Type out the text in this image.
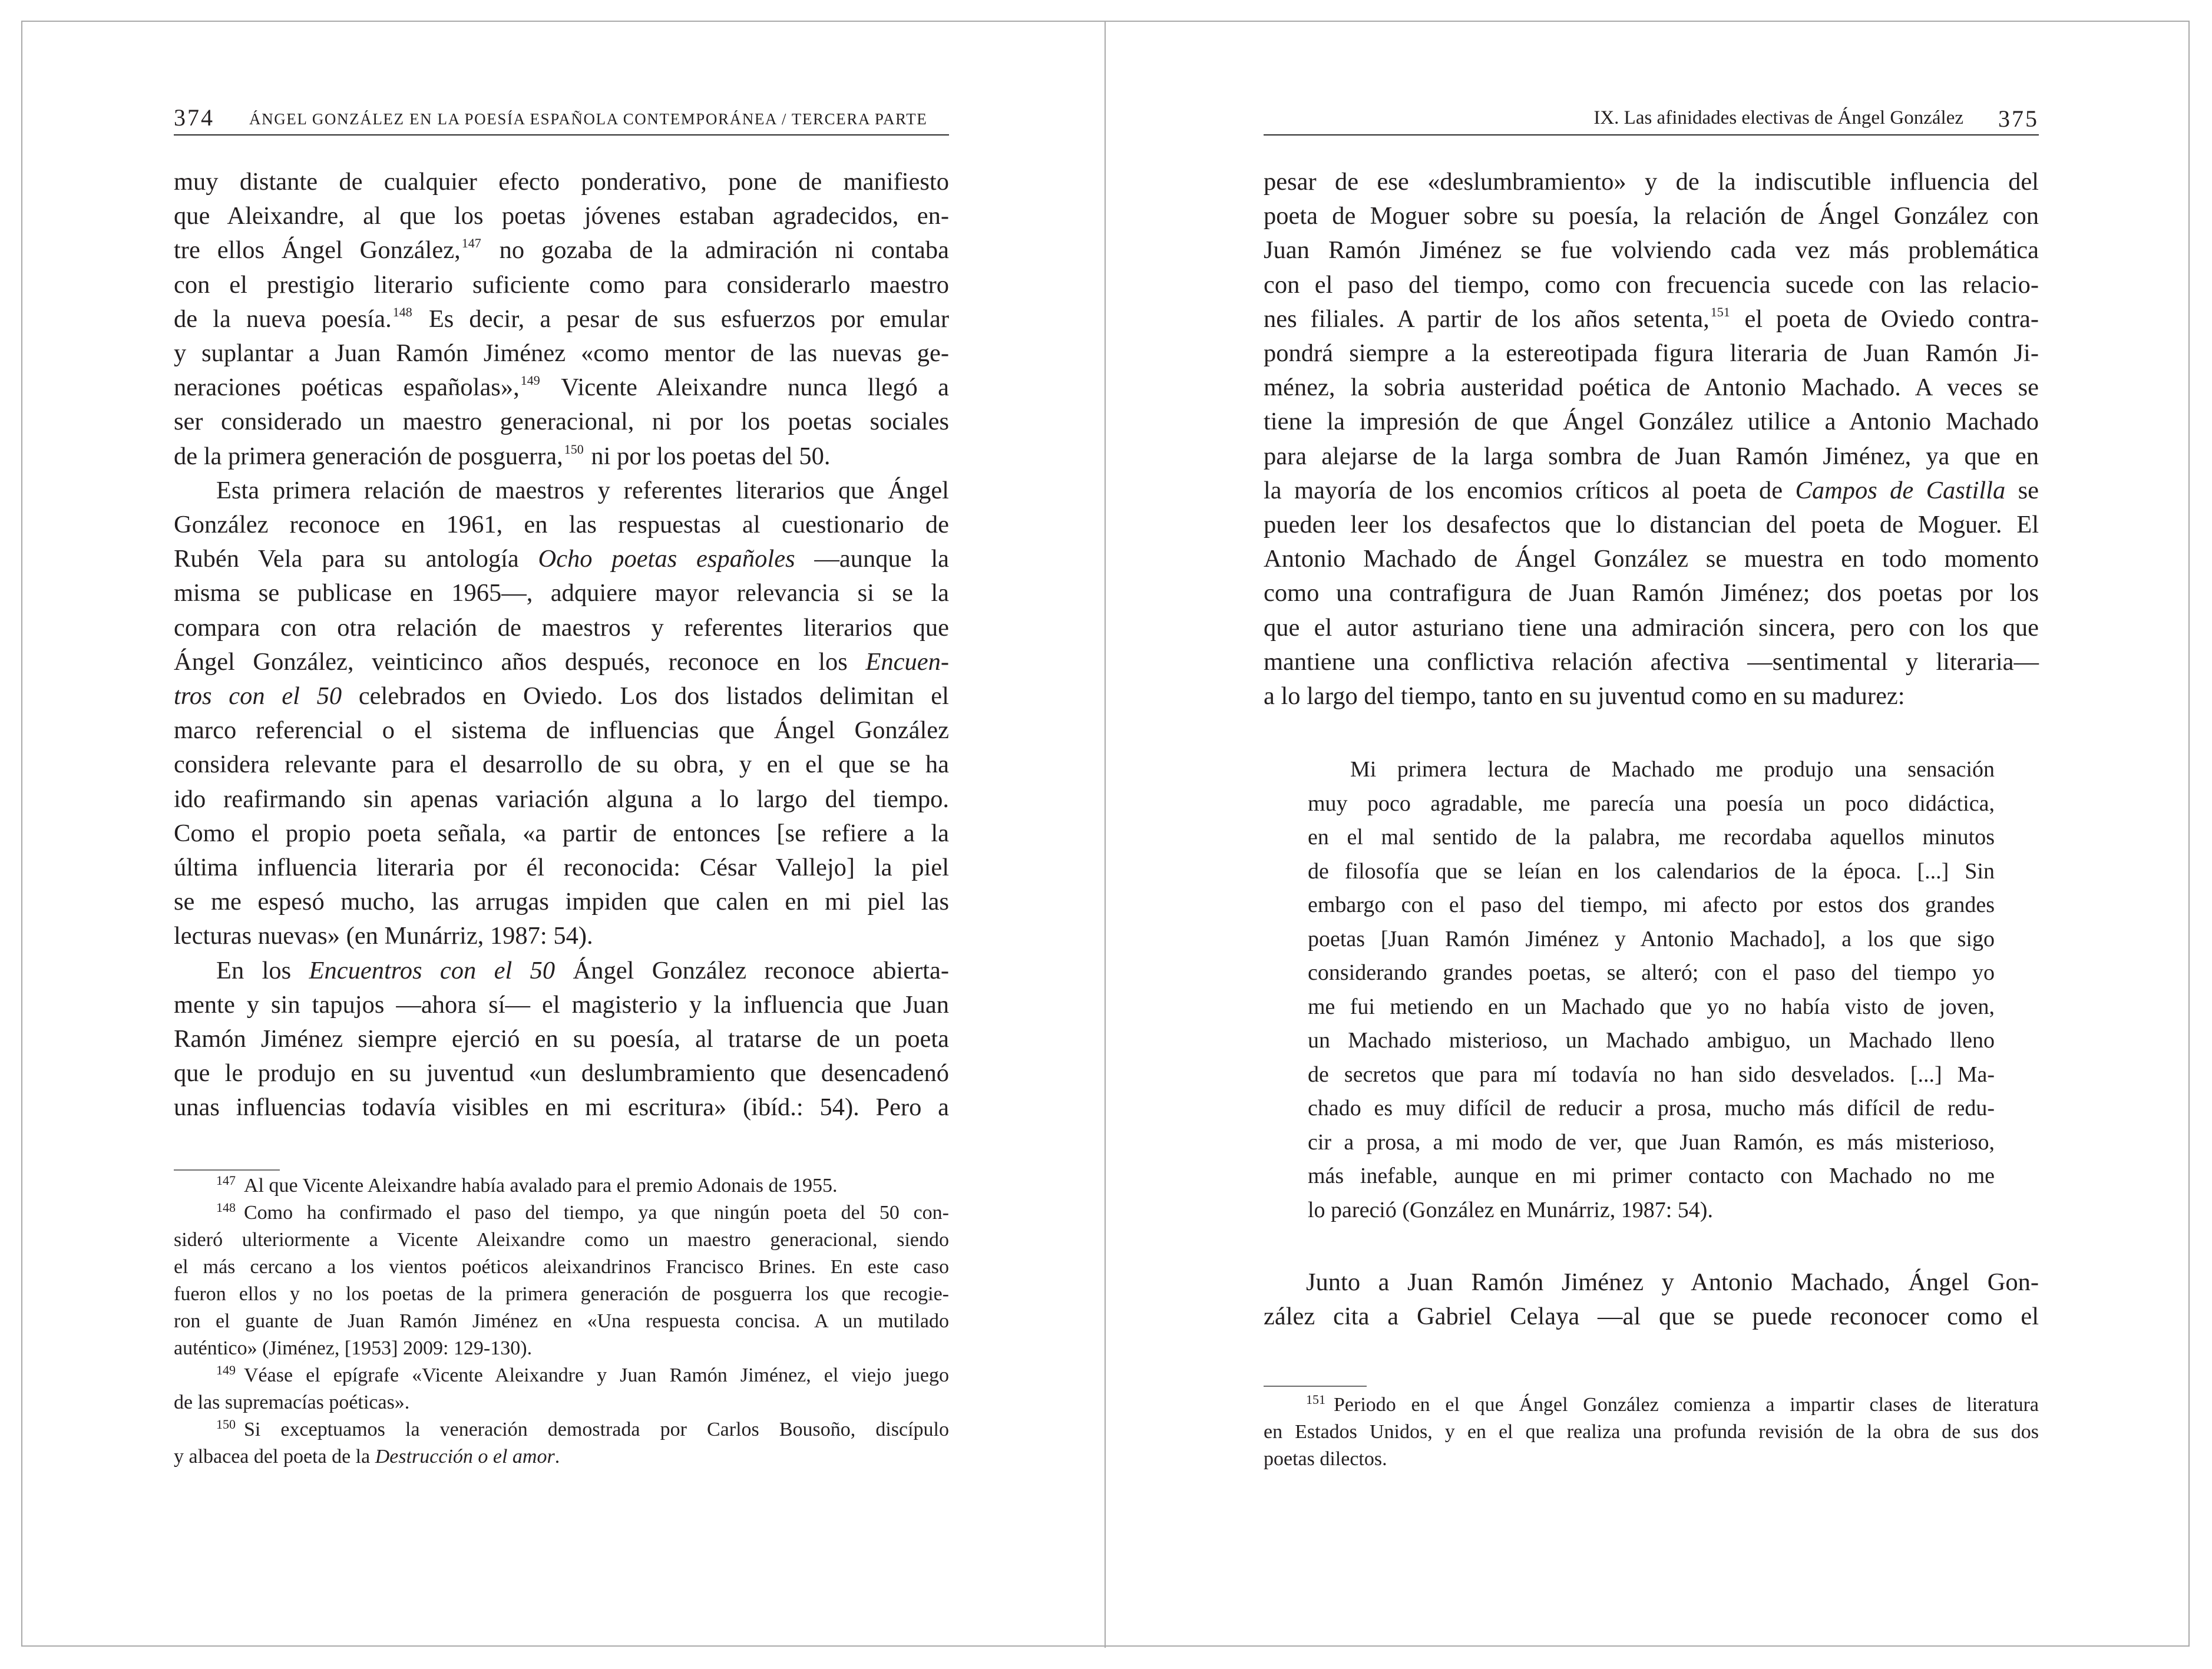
374 ÁNGEL GONZÁLEZ EN LA POESÍA ESPAÑOLA CONTEMPORÁNEA / TERCERA PARTE
muy distante de cualquier efecto ponderativo, pone de manifiesto
que Aleixandre, al que los poetas jóvenes estaban agradecidos, en-
tre ellos Ángel González,$^{147}$ no gozaba de la admiración ni contaba
con el prestigio literario suficiente como para considerarlo maestro
de la nueva poesía.$^{148}$ Es decir, a pesar de sus esfuerzos por emular
y suplantar a Juan Ramón Jiménez «como mentor de las nuevas ge-
neraciones poéticas españolas»,$^{149}$ Vicente Aleixandre nunca llegó a
ser considerado un maestro generacional, ni por los poetas sociales
de la primera generación de posguerra,$^{150}$ ni por los poetas del 50.
Esta primera relación de maestros y referentes literarios que Ángel
González reconoce en 1961, en las respuestas al cuestionario de
Rubén Vela para su antología Ocho poetas españoles —aunque la
misma se publicase en 1965—, adquiere mayor relevancia si se la
compara con otra relación de maestros y referentes literarios que
Ángel González, veinticinco años después, reconoce en los Encuen-
tros con el 50 celebrados en Oviedo. Los dos listados delimitan el
marco referencial o el sistema de influencias que Ángel González
considera relevante para el desarrollo de su obra, y en el que se ha
ido reafirmando sin apenas variación alguna a lo largo del tiempo.
Como el propio poeta señala, «a partir de entonces [se refiere a la
última influencia literaria por él reconocida: César Vallejo] la piel
se me espesó mucho, las arrugas impiden que calen en mi piel las
lecturas nuevas» (en Munárriz, 1987: 54).
En los Encuentros con el 50 Ángel González reconoce abierta-
mente y sin tapujos —ahora sí— el magisterio y la influencia que Juan
Ramón Jiménez siempre ejerció en su poesía, al tratarse de un poeta
que le produjo en su juventud «un deslumbramiento que desencadenó
unas influencias todavía visibles en mi escritura» (ibíd.: 54). Pero a
$^{147}$ Al que Vicente Aleixandre había avalado para el premio Adonais de 1955.
$^{148}$ Como ha confirmado el paso del tiempo, ya que ningún poeta del 50 con-
sideró ulteriormente a Vicente Aleixandre como un maestro generacional, siendo
el más cercano a los vientos poéticos aleixandrinos Francisco Brines. En este caso
fueron ellos y no los poetas de la primera generación de posguerra los que recogie-
ron el guante de Juan Ramón Jiménez en «Una respuesta concisa. A un mutilado
auténtico» (Jiménez, [1953] 2009: 129-130).
$^{149}$ Véase el epígrafe «Vicente Aleixandre y Juan Ramón Jiménez, el viejo juego
de las supremacías poéticas».
$^{150}$ Si exceptuamos la veneración demostrada por Carlos Bousoño, discípulo
y albacea del poeta de la Destrucción o el amor.
IX. Las afinidades electivas de Ángel González 375
pesar de ese «deslumbramiento» y de la indiscutible influencia del
poeta de Moguer sobre su poesía, la relación de Ángel González con
Juan Ramón Jiménez se fue volviendo cada vez más problemática
con el paso del tiempo, como con frecuencia sucede con las relacio-
nes filiales. A partir de los años setenta,$^{151}$ el poeta de Oviedo contra-
pondrá siempre a la estereotipada figura literaria de Juan Ramón Ji-
ménez, la sobria austeridad poética de Antonio Machado. A veces se
tiene la impresión de que Ángel González utilice a Antonio Machado
para alejarse de la larga sombra de Juan Ramón Jiménez, ya que en
la mayoría de los encomios críticos al poeta de Campos de Castilla se
pueden leer los desafectos que lo distancian del poeta de Moguer. El
Antonio Machado de Ángel González se muestra en todo momento
como una contrafigura de Juan Ramón Jiménez; dos poetas por los
que el autor asturiano tiene una admiración sincera, pero con los que
mantiene una conflictiva relación afectiva —sentimental y literaria—
a lo largo del tiempo, tanto en su juventud como en su madurez:
Mi primera lectura de Machado me produjo una sensación
muy poco agradable, me parecía una poesía un poco didáctica,
en el mal sentido de la palabra, me recordaba aquellos minutos
de filosofía que se leían en los calendarios de la época. [...] Sin
embargo con el paso del tiempo, mi afecto por estos dos grandes
poetas [Juan Ramón Jiménez y Antonio Machado], a los que sigo
considerando grandes poetas, se alteró; con el paso del tiempo yo
me fui metiendo en un Machado que yo no había visto de joven,
un Machado misterioso, un Machado ambiguo, un Machado lleno
de secretos que para mí todavía no han sido desvelados. [...] Ma-
chado es muy difícil de reducir a prosa, mucho más difícil de redu-
cir a prosa, a mi modo de ver, que Juan Ramón, es más misterioso,
más inefable, aunque en mi primer contacto con Machado no me
lo pareció (González en Munárriz, 1987: 54).
Junto a Juan Ramón Jiménez y Antonio Machado, Ángel Gon-
zález cita a Gabriel Celaya —al que se puede reconocer como el
$^{151}$ Periodo en el que Ángel González comienza a impartir clases de literatura
en Estados Unidos, y en el que realiza una profunda revisión de la obra de sus dos
poetas dilectos.
